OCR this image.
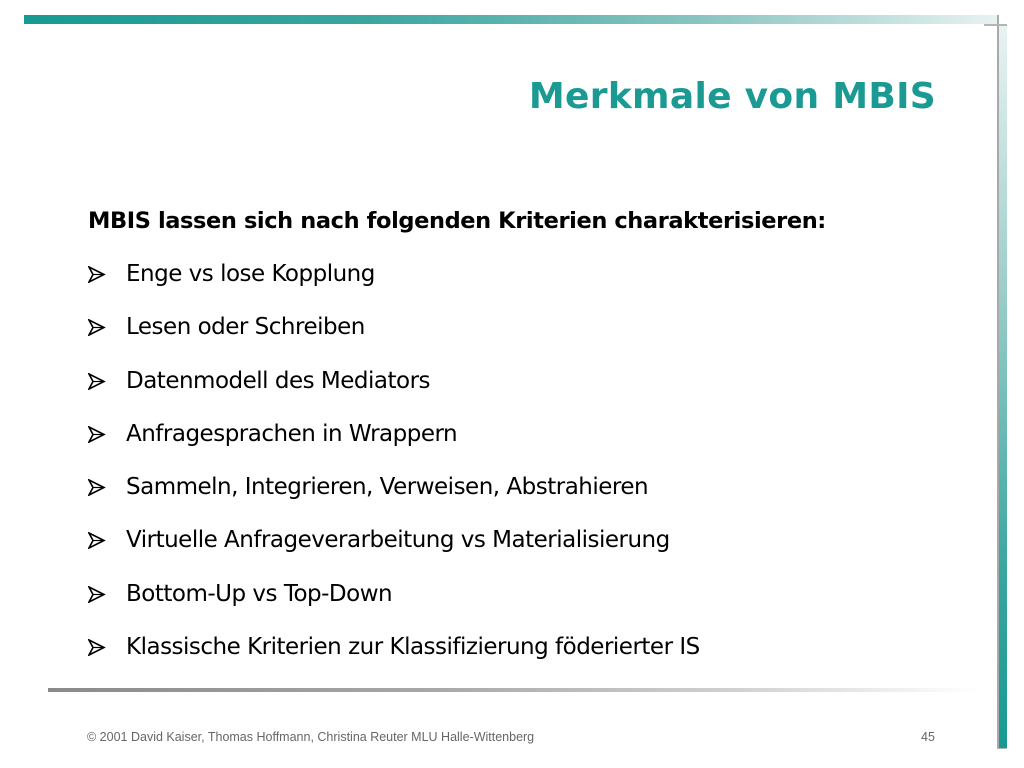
Merkmale von MBIS

MBIS lassen sich nach folgenden Kriterien charakterisieren:

Enge vs lose Kopplung
Lesen oder Schreiben
Datenmodell des Mediators
Anfragesprachen in Wrappern
Sammeln, Integrieren, Verweisen, Abstrahieren
Virtuelle Anfrageverarbeitung vs Materialisierung
Bottom-Up vs Top-Down
Klassische Kriterien zur Klassifizierung föderierter IS
© 2001 David Kaiser, Thomas Hoffmann, Christina Reuter MLU Halle-Wittenberg	45
